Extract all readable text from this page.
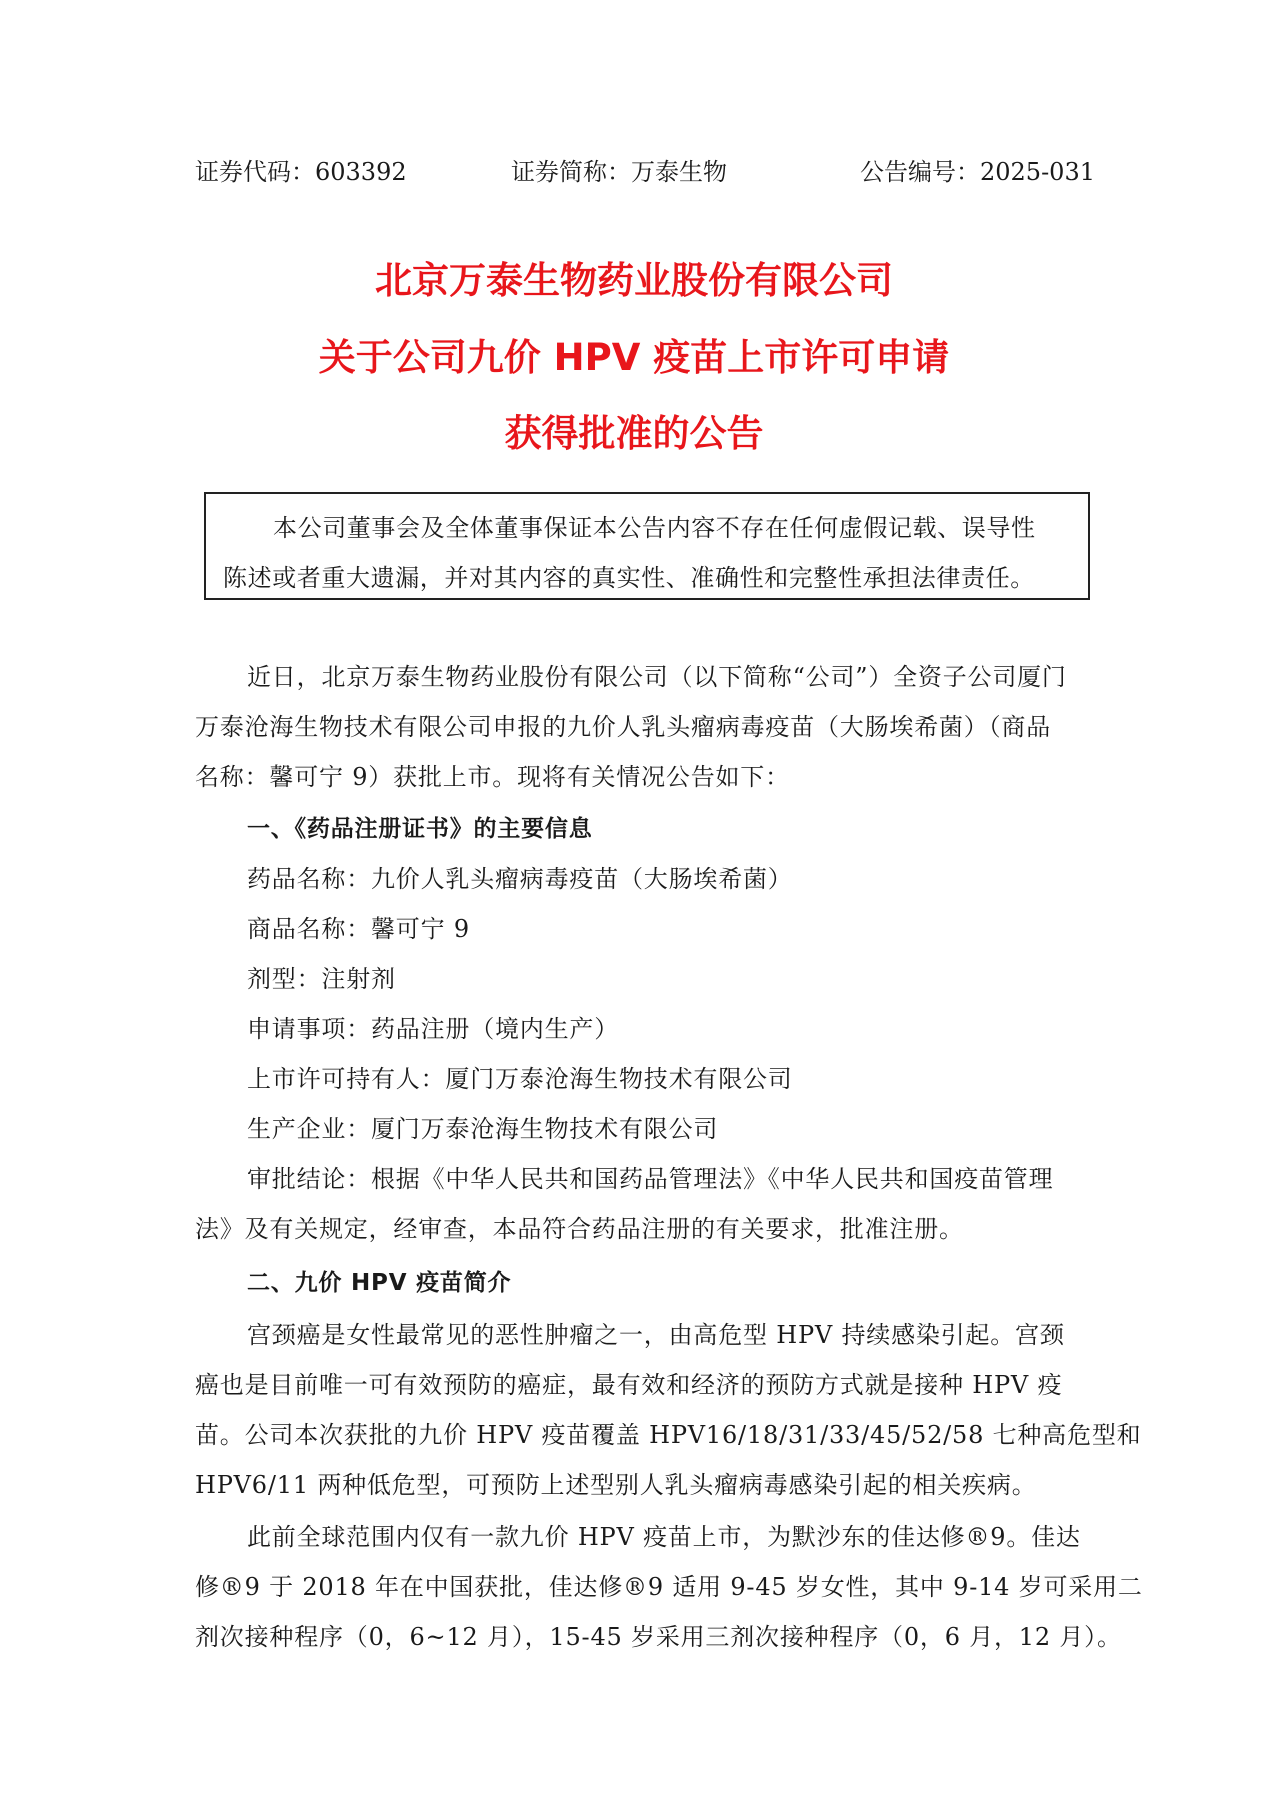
证券代码：603392	证券简称：万泰生物	公告编号：2025-031
北京万泰生物药业股份有限公司
关于公司九价 HPV 疫苗上市许可申请
获得批准的公告
本公司董事会及全体董事保证本公告内容不存在任何虚假记载、误导性
陈述或者重大遗漏，并对其内容的真实性、准确性和完整性承担法律责任。
近日，北京万泰生物药业股份有限公司（以下简称“公司”）全资子公司厦门
万泰沧海生物技术有限公司申报的九价人乳头瘤病毒疫苗（大肠埃希菌）（商品
名称：馨可宁 9）获批上市。现将有关情况公告如下：
一、《药品注册证书》的主要信息
药品名称：九价人乳头瘤病毒疫苗（大肠埃希菌）
商品名称：馨可宁 9
剂型：注射剂
申请事项：药品注册（境内生产）
上市许可持有人：厦门万泰沧海生物技术有限公司
生产企业：厦门万泰沧海生物技术有限公司
审批结论：根据《中华人民共和国药品管理法》《中华人民共和国疫苗管理
法》及有关规定，经审查，本品符合药品注册的有关要求，批准注册。
二、九价 HPV 疫苗简介
宫颈癌是女性最常见的恶性肿瘤之一，由高危型 HPV 持续感染引起。宫颈
癌也是目前唯一可有效预防的癌症，最有效和经济的预防方式就是接种 HPV 疫
苗。公司本次获批的九价 HPV 疫苗覆盖 HPV16/18/31/33/45/52/58 七种高危型和
HPV6/11 两种低危型，可预防上述型别人乳头瘤病毒感染引起的相关疾病。
此前全球范围内仅有一款九价 HPV 疫苗上市，为默沙东的佳达修®9。佳达
修®9 于 2018 年在中国获批，佳达修®9 适用 9-45 岁女性，其中 9-14 岁可采用二
剂次接种程序（0，6~12 月），15-45 岁采用三剂次接种程序（0，6 月，12 月）。
